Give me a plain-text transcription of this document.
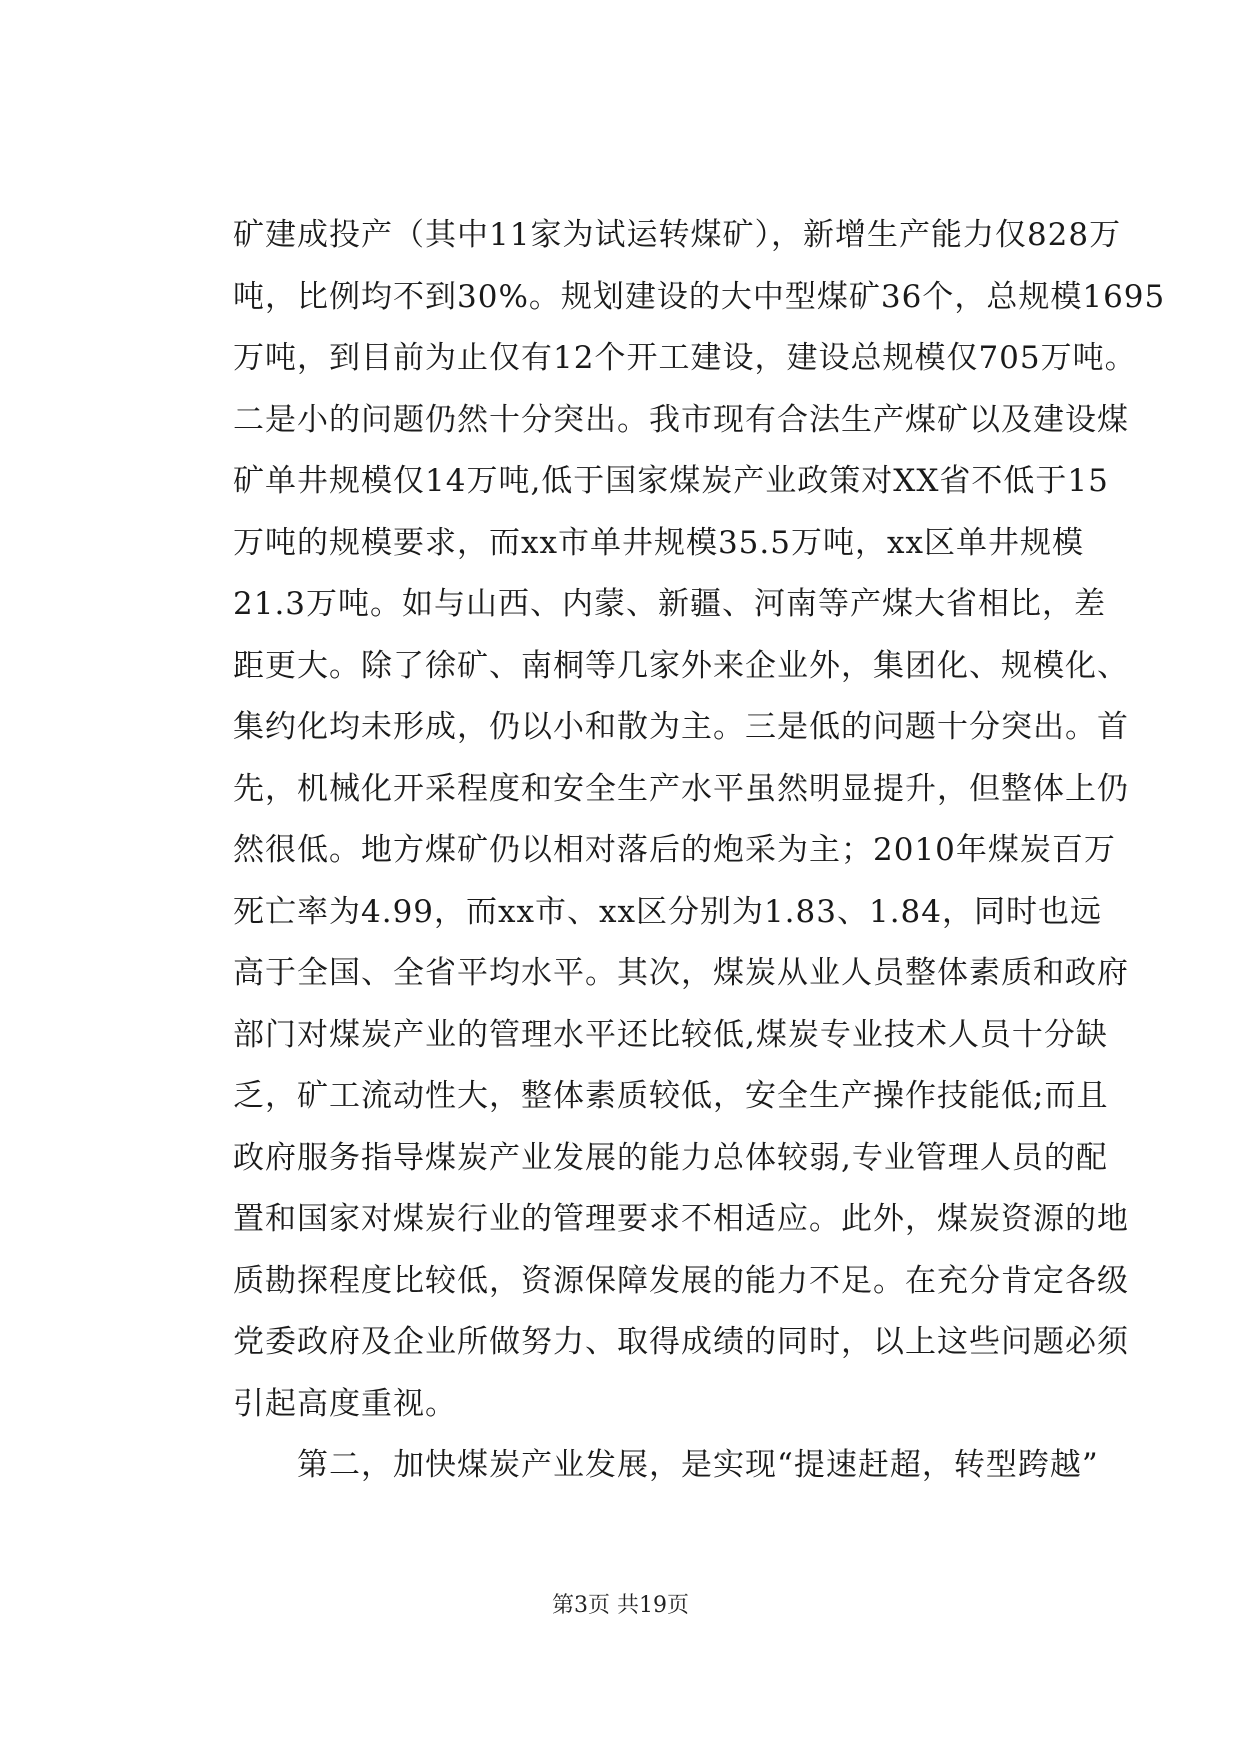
矿建成投产（其中11家为试运转煤矿），新增生产能力仅828万
吨，比例均不到30%。规划建设的大中型煤矿36个，总规模1695
万吨，到目前为止仅有12个开工建设，建设总规模仅705万吨。
二是小的问题仍然十分突出。我市现有合法生产煤矿以及建设煤
矿单井规模仅14万吨,低于国家煤炭产业政策对XX省不低于15
万吨的规模要求，而xx市单井规模35.5万吨，xx区单井规模
21.3万吨。如与山西、内蒙、新疆、河南等产煤大省相比，差
距更大。除了徐矿、南桐等几家外来企业外，集团化、规模化、
集约化均未形成，仍以小和散为主。三是低的问题十分突出。首
先，机械化开采程度和安全生产水平虽然明显提升，但整体上仍
然很低。地方煤矿仍以相对落后的炮采为主；2010年煤炭百万
死亡率为4.99，而xx市、xx区分别为1.83、1.84，同时也远
高于全国、全省平均水平。其次，煤炭从业人员整体素质和政府
部门对煤炭产业的管理水平还比较低,煤炭专业技术人员十分缺
乏，矿工流动性大，整体素质较低，安全生产操作技能低;而且
政府服务指导煤炭产业发展的能力总体较弱,专业管理人员的配
置和国家对煤炭行业的管理要求不相适应。此外，煤炭资源的地
质勘探程度比较低，资源保障发展的能力不足。在充分肯定各级
党委政府及企业所做努力、取得成绩的同时，以上这些问题必须
引起高度重视。
　　第二，加快煤炭产业发展，是实现“提速赶超，转型跨越”
第3页 共19页
